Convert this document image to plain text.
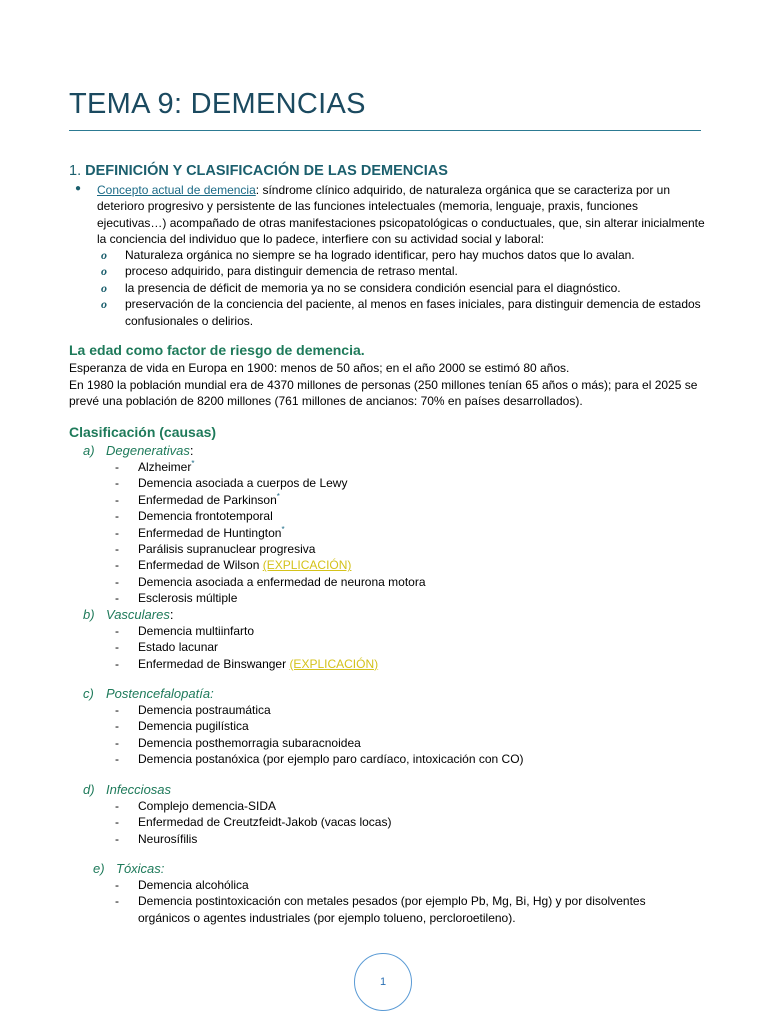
TEMA 9: DEMENCIAS
1. DEFINICIÓN Y CLASIFICACIÓN DE LAS DEMENCIAS
● Concepto actual de demencia: síndrome clínico adquirido, de naturaleza orgánica que se caracteriza por un deterioro progresivo y persistente de las funciones intelectuales (memoria, lenguaje, praxis, funciones ejecutivas…) acompañado de otras manifestaciones psicopatológicas o conductuales, que, sin alterar inicialmente la conciencia del individuo que lo padece, interfiere con su actividad social y laboral:
o Naturaleza orgánica no siempre se ha logrado identificar, pero hay muchos datos que lo avalan.
o proceso adquirido, para distinguir demencia de retraso mental.
o la presencia de déficit de memoria ya no se considera condición esencial para el diagnóstico.
o preservación de la conciencia del paciente, al menos en fases iniciales, para distinguir demencia de estados confusionales o delirios.
La edad como factor de riesgo de demencia.
Esperanza de vida en Europa en 1900: menos de 50 años; en el año 2000 se estimó 80 años.
En 1980 la población mundial era de 4370 millones de personas (250 millones tenían 65 años o más); para el 2025 se prevé una población de 8200 millones (761 millones de ancianos: 70% en países desarrollados).
Clasificación (causas)
a) Degenerativas:
- Alzheimer*
- Demencia asociada a cuerpos de Lewy
- Enfermedad de Parkinson*
- Demencia frontotemporal
- Enfermedad de Huntington*
- Parálisis supranuclear progresiva
- Enfermedad de Wilson (EXPLICACIÓN)
- Demencia asociada a enfermedad de neurona motora
- Esclerosis múltiple
b) Vasculares:
- Demencia multiinfarto
- Estado lacunar
- Enfermedad de Binswanger (EXPLICACIÓN)
c) Postencefalopatía:
- Demencia postraumática
- Demencia pugilística
- Demencia posthemorragia subaracnoidea
- Demencia postanóxica (por ejemplo paro cardíaco, intoxicación con CO)
d) Infecciosas
- Complejo demencia-SIDA
- Enfermedad de Creutzfeidt-Jakob (vacas locas)
- Neurosífilis
e) Tóxicas:
- Demencia alcohólica
- Demencia postintoxicación con metales pesados (por ejemplo Pb, Mg, Bi, Hg) y por disolventes
orgánicos o agentes industriales (por ejemplo tolueno, percloroetileno).
1
